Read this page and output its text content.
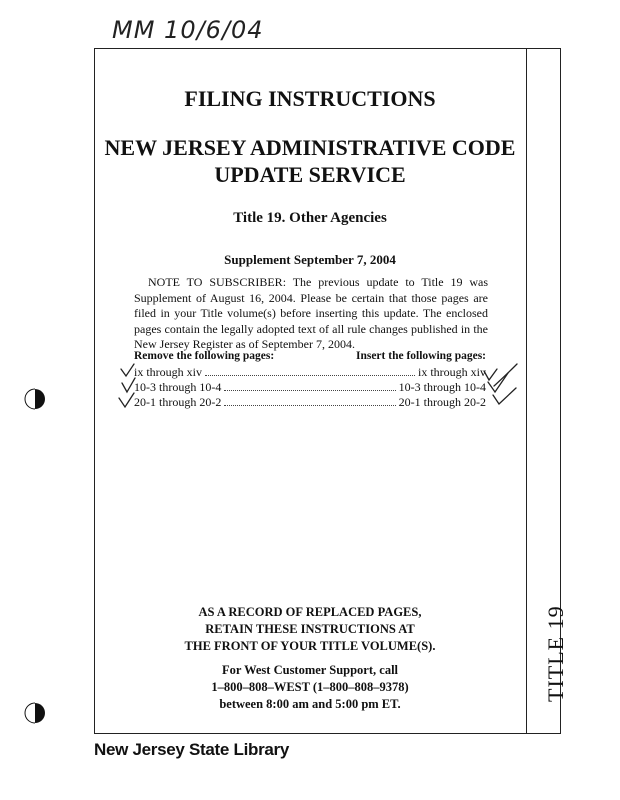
MM 10/6/04
FILING INSTRUCTIONS
NEW JERSEY ADMINISTRATIVE CODE
UPDATE SERVICE
Title 19. Other Agencies
Supplement September 7, 2004
NOTE TO SUBSCRIBER: The previous update to Title 19 was Supplement of August 16, 2004. Please be certain that those pages are filed in your Title volume(s) before inserting this update. The enclosed pages contain the legally adopted text of all rule changes published in the New Jersey Register as of September 7, 2004.
Remove the following pages:	Insert the following pages:
ix through xiv	ix through xiv
10-3 through 10-4	10-3 through 10-4
20-1 through 20-2	20-1 through 20-2
AS A RECORD OF REPLACED PAGES,
RETAIN THESE INSTRUCTIONS AT
THE FRONT OF YOUR TITLE VOLUME(S).
For West Customer Support, call
1–800–808–WEST (1–800–808–9378)
between 8:00 am and 5:00 pm ET.
TITLE 19
New Jersey State Library
